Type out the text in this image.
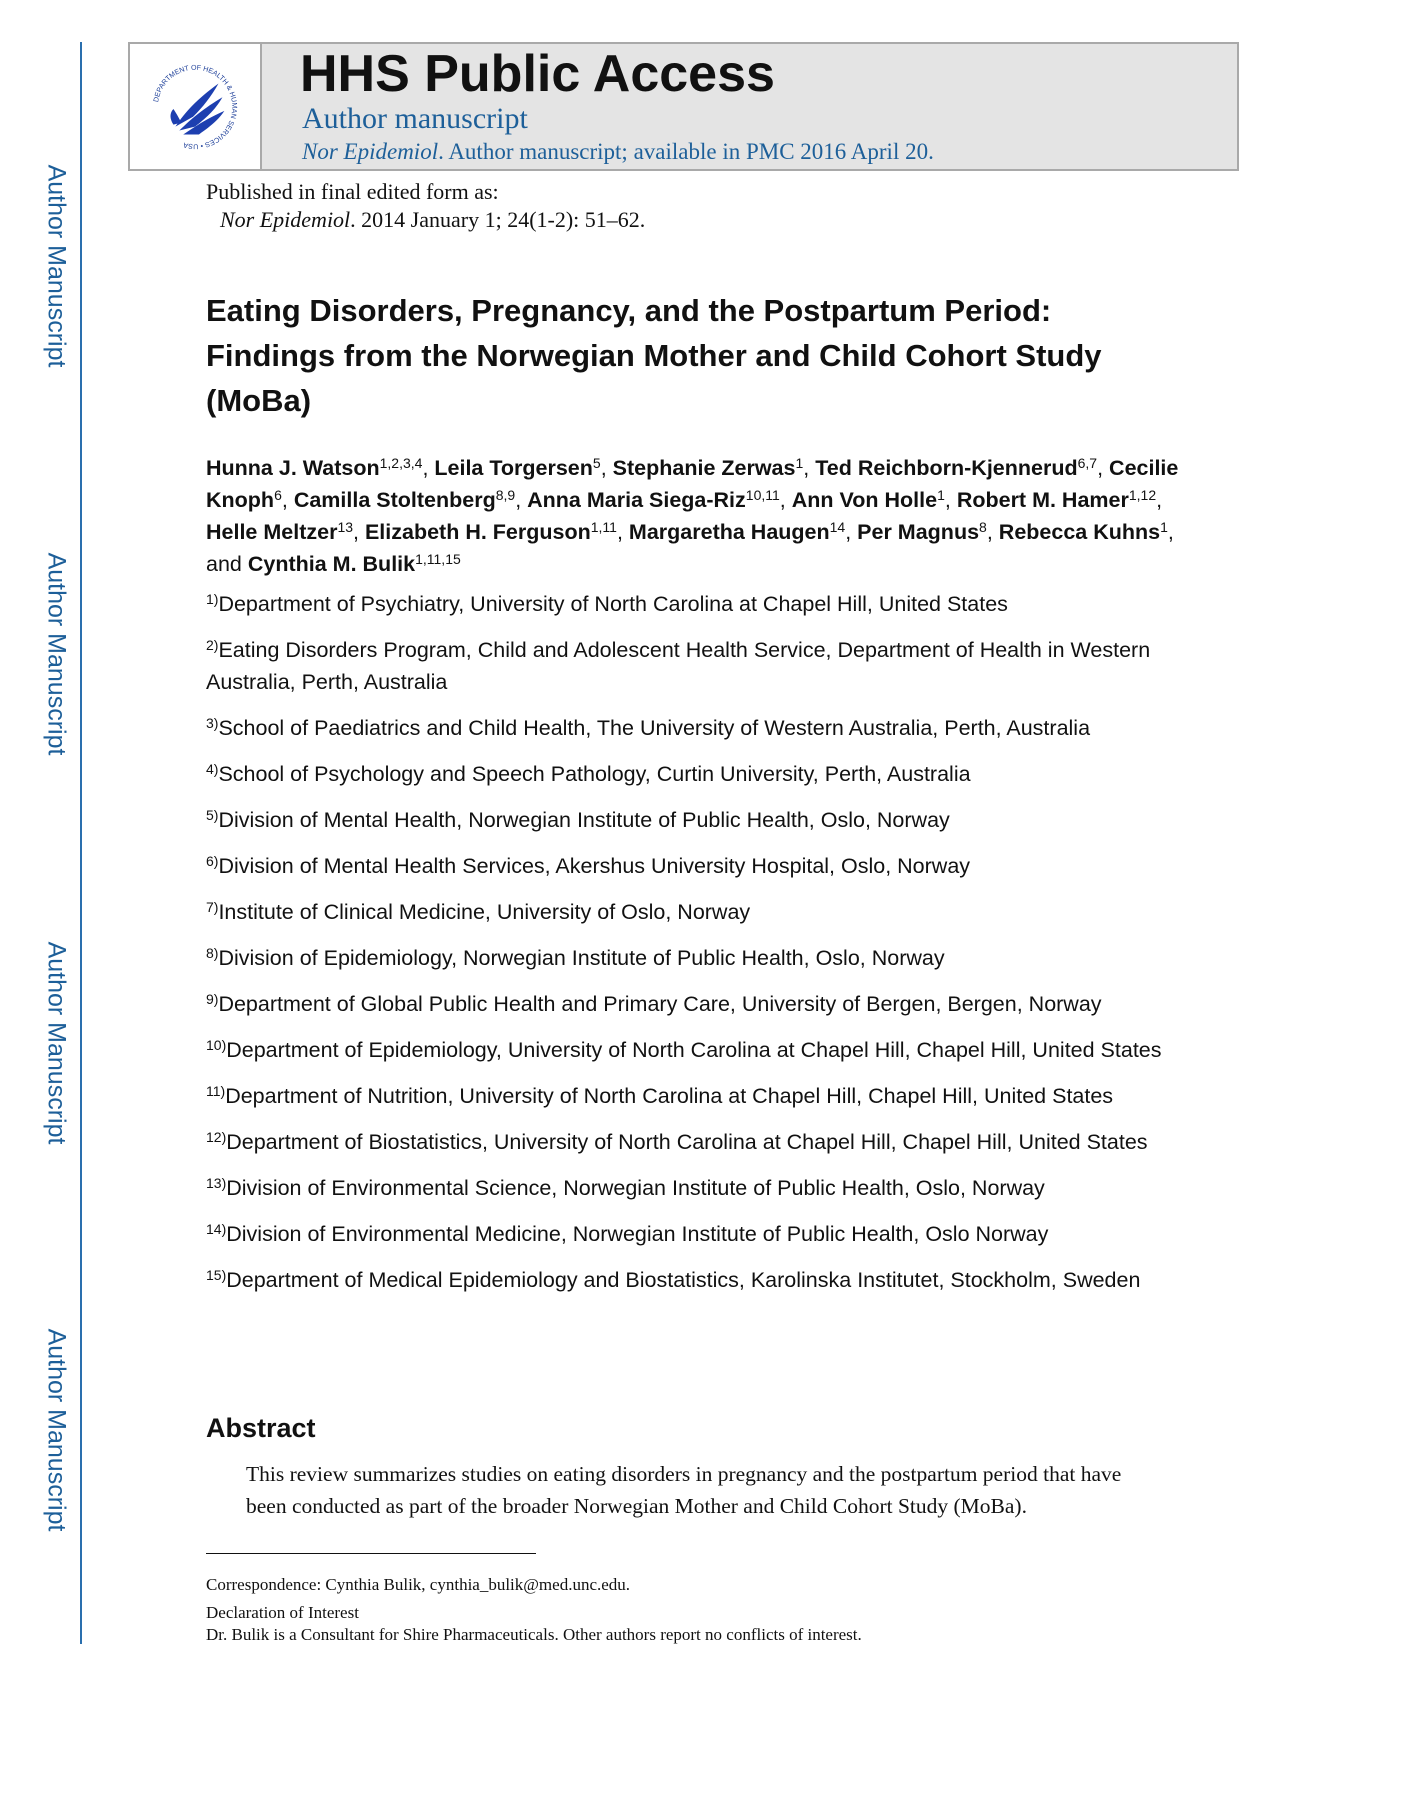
Author Manuscript
Author Manuscript
Author Manuscript
Author Manuscript
DEPARTMENT OF HEALTH & HUMAN SERVICES • USA
HHS Public Access
Author manuscript
Nor Epidemiol. Author manuscript; available in PMC 2016 April 20.
Published in final edited form as:
Nor Epidemiol. 2014 January 1; 24(1-2): 51–62.
Eating Disorders, Pregnancy, and the Postpartum Period:
Findings from the Norwegian Mother and Child Cohort Study
(MoBa)
Hunna J. Watson$^{1,2,3,4}$, Leila Torgersen$^5$, Stephanie Zerwas$^1$, Ted Reichborn-Kjennerud$^{6,7}$, Cecilie Knoph$^6$, Camilla Stoltenberg$^{8,9}$, Anna Maria Siega-Riz$^{10,11}$, Ann Von Holle$^1$, Robert M. Hamer$^{1,12}$, Helle Meltzer$^{13}$, Elizabeth H. Ferguson$^{1,11}$, Margaretha Haugen$^{14}$, Per Magnus$^8$, Rebecca Kuhns$^1$, and Cynthia M. Bulik$^{1,11,15}$
$^{1)}$Department of Psychiatry, University of North Carolina at Chapel Hill, United States
$^{2)}$Eating Disorders Program, Child and Adolescent Health Service, Department of Health in Western Australia, Perth, Australia
$^{3)}$School of Paediatrics and Child Health, The University of Western Australia, Perth, Australia
$^{4)}$School of Psychology and Speech Pathology, Curtin University, Perth, Australia
$^{5)}$Division of Mental Health, Norwegian Institute of Public Health, Oslo, Norway
$^{6)}$Division of Mental Health Services, Akershus University Hospital, Oslo, Norway
$^{7)}$Institute of Clinical Medicine, University of Oslo, Norway
$^{8)}$Division of Epidemiology, Norwegian Institute of Public Health, Oslo, Norway
$^{9)}$Department of Global Public Health and Primary Care, University of Bergen, Bergen, Norway
$^{10)}$Department of Epidemiology, University of North Carolina at Chapel Hill, Chapel Hill, United States
$^{11)}$Department of Nutrition, University of North Carolina at Chapel Hill, Chapel Hill, United States
$^{12)}$Department of Biostatistics, University of North Carolina at Chapel Hill, Chapel Hill, United States
$^{13)}$Division of Environmental Science, Norwegian Institute of Public Health, Oslo, Norway
$^{14)}$Division of Environmental Medicine, Norwegian Institute of Public Health, Oslo Norway
$^{15)}$Department of Medical Epidemiology and Biostatistics, Karolinska Institutet, Stockholm, Sweden
Abstract
This review summarizes studies on eating disorders in pregnancy and the postpartum period that have been conducted as part of the broader Norwegian Mother and Child Cohort Study (MoBa).
Correspondence: Cynthia Bulik, cynthia_bulik@med.unc.edu.
Declaration of Interest
Dr. Bulik is a Consultant for Shire Pharmaceuticals. Other authors report no conflicts of interest.
